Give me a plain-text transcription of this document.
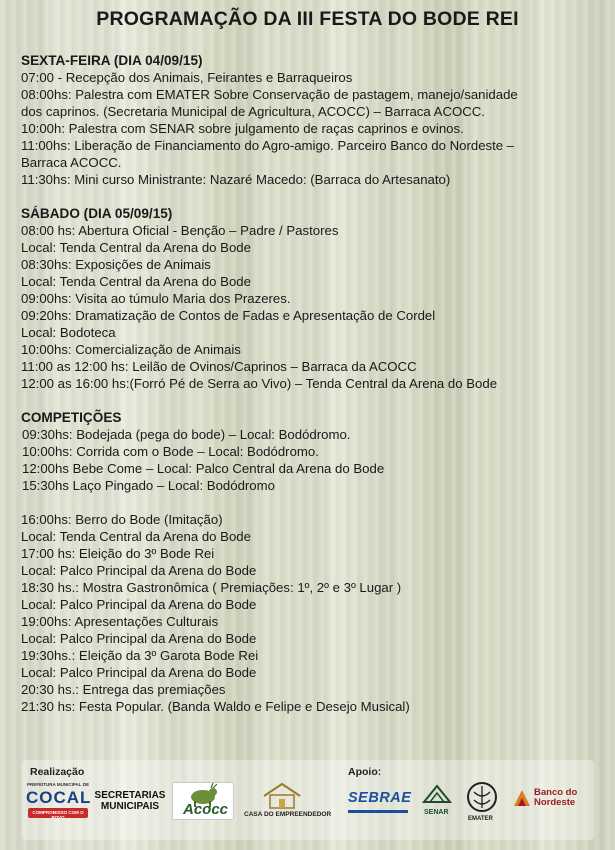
PROGRAMAÇÃO DA III FESTA DO BODE REI
SEXTA-FEIRA (DIA 04/09/15)
07:00 - Recepção dos Animais, Feirantes e Barraqueiros
08:00hs: Palestra com EMATER Sobre Conservação de pastagem, manejo/sanidade
dos caprinos. (Secretaria Municipal de Agricultura, ACOCC) – Barraca ACOCC.
10:00h: Palestra com SENAR sobre julgamento de raças caprinos e ovinos.
11:00hs: Liberação de Financiamento do Agro-amigo. Parceiro Banco do Nordeste –
Barraca ACOCC.
11:30hs: Mini curso Ministrante: Nazaré Macedo: (Barraca do Artesanato)
SÁBADO (DIA 05/09/15)
08:00 hs: Abertura Oficial - Benção – Padre / Pastores
Local: Tenda Central da Arena do Bode
08:30hs: Exposições de Animais
Local: Tenda Central da Arena do Bode
09:00hs: Visita ao túmulo Maria dos Prazeres.
09:20hs: Dramatização de Contos de Fadas e Apresentação de Cordel
Local: Bodoteca
10:00hs: Comercialização de Animais
11:00 as 12:00 hs: Leilão de Ovinos/Caprinos – Barraca da ACOCC
12:00 as 16:00 hs:(Forró Pé de Serra ao Vivo) – Tenda Central da Arena do Bode
COMPETIÇÕES
09:30hs: Bodejada (pega do bode) – Local: Bodódromo.
10:00hs: Corrida com o Bode – Local: Bodódromo.
12:00hs Bebe Come – Local: Palco Central da Arena do Bode
15:30hs Laço Pingado – Local: Bodódromo
16:00hs: Berro do Bode (Imitação)
Local: Tenda Central da Arena do Bode
17:00 hs: Eleição do 3º Bode Rei
Local: Palco Principal da Arena do Bode
18:30 hs.: Mostra Gastronômica ( Premiações: 1º, 2º e 3º Lugar )
Local: Palco Principal da Arena do Bode
19:00hs: Apresentações Culturais
Local: Palco Principal da Arena do Bode
19:30hs.: Eleição da 3º Garota Bode Rei
Local: Palco Principal da Arena do Bode
20:30 hs.: Entrega das premiações
21:30 hs: Festa Popular. (Banda Waldo e Felipe e Desejo Musical)
Realização	Apoio:
PREFEITURA MUNICIPAL DE
COCAL
COMPROMISSO COM O POVO
SECRETARIAS MUNICIPAIS	Acocc CASA DO EMPREENDEDOR
SEBRAE
SENAR
EMATER
Banco do
Nordeste
